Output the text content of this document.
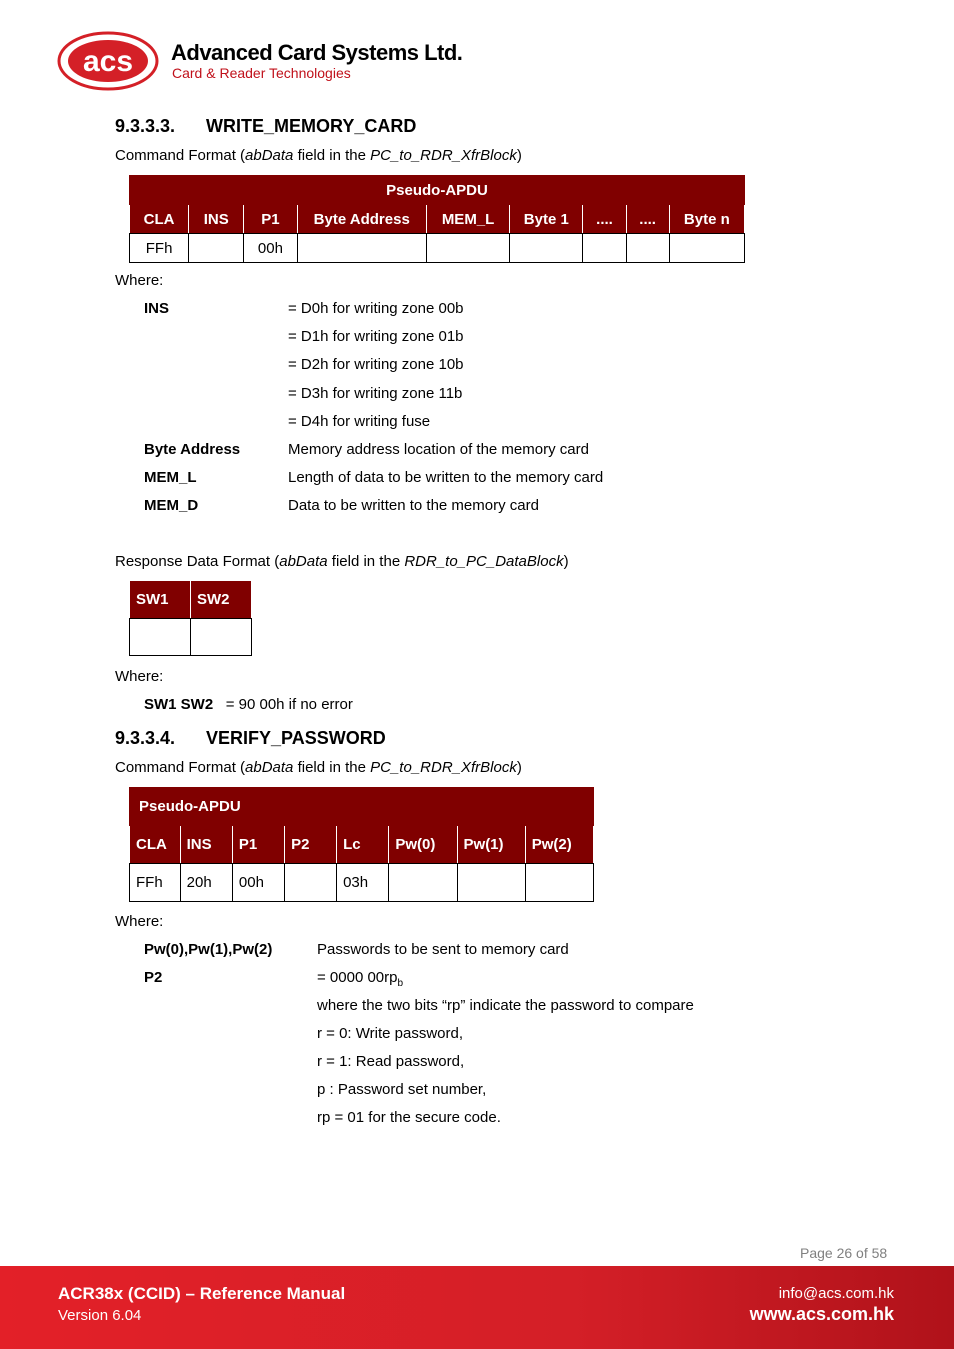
acs Advanced Card Systems Ltd.
Card & Reader Technologies
9.3.3.3. WRITE_MEMORY_CARD
Command Format (abData field in the PC_to_RDR_XfrBlock)
Pseudo-APDU								
CLA	INS	P1	Byte Address	MEM_L	Byte 1	....	....	Byte n
FFh		00h						
Where:
INS	= D0h for writing zone 00b
= D1h for writing zone 01b
= D2h for writing zone 10b
= D3h for writing zone 11b
= D4h for writing fuse
Byte Address	Memory address location of the memory card
MEM_L	Length of data to be written to the memory card
MEM_D	Data to be written to the memory card
Response Data Format (abData field in the RDR_to_PC_DataBlock)
SW1	SW2

Where:
SW1 SW2 = 90 00h if no error
9.3.3.4. VERIFY_PASSWORD
Command Format (abData field in the PC_to_RDR_XfrBlock)
Pseudo-APDU							
CLA	INS	P1	P2	Lc	Pw(0)	Pw(1)	Pw(2)
FFh	20h	00h		03h			
Where:
Pw(0),Pw(1),Pw(2)	Passwords to be sent to memory card
P2	= 0000 $00rp_b$
where the two bits “rp” indicate the password to compare
r = 0: Write password,
r = 1: Read password,
p : Password set number,
rp = 01 for the secure code.
Page 26 of 58
ACR38x (CCID) – Reference Manual
Version 6.04
info@acs.com.hk
www.acs.com.hk
